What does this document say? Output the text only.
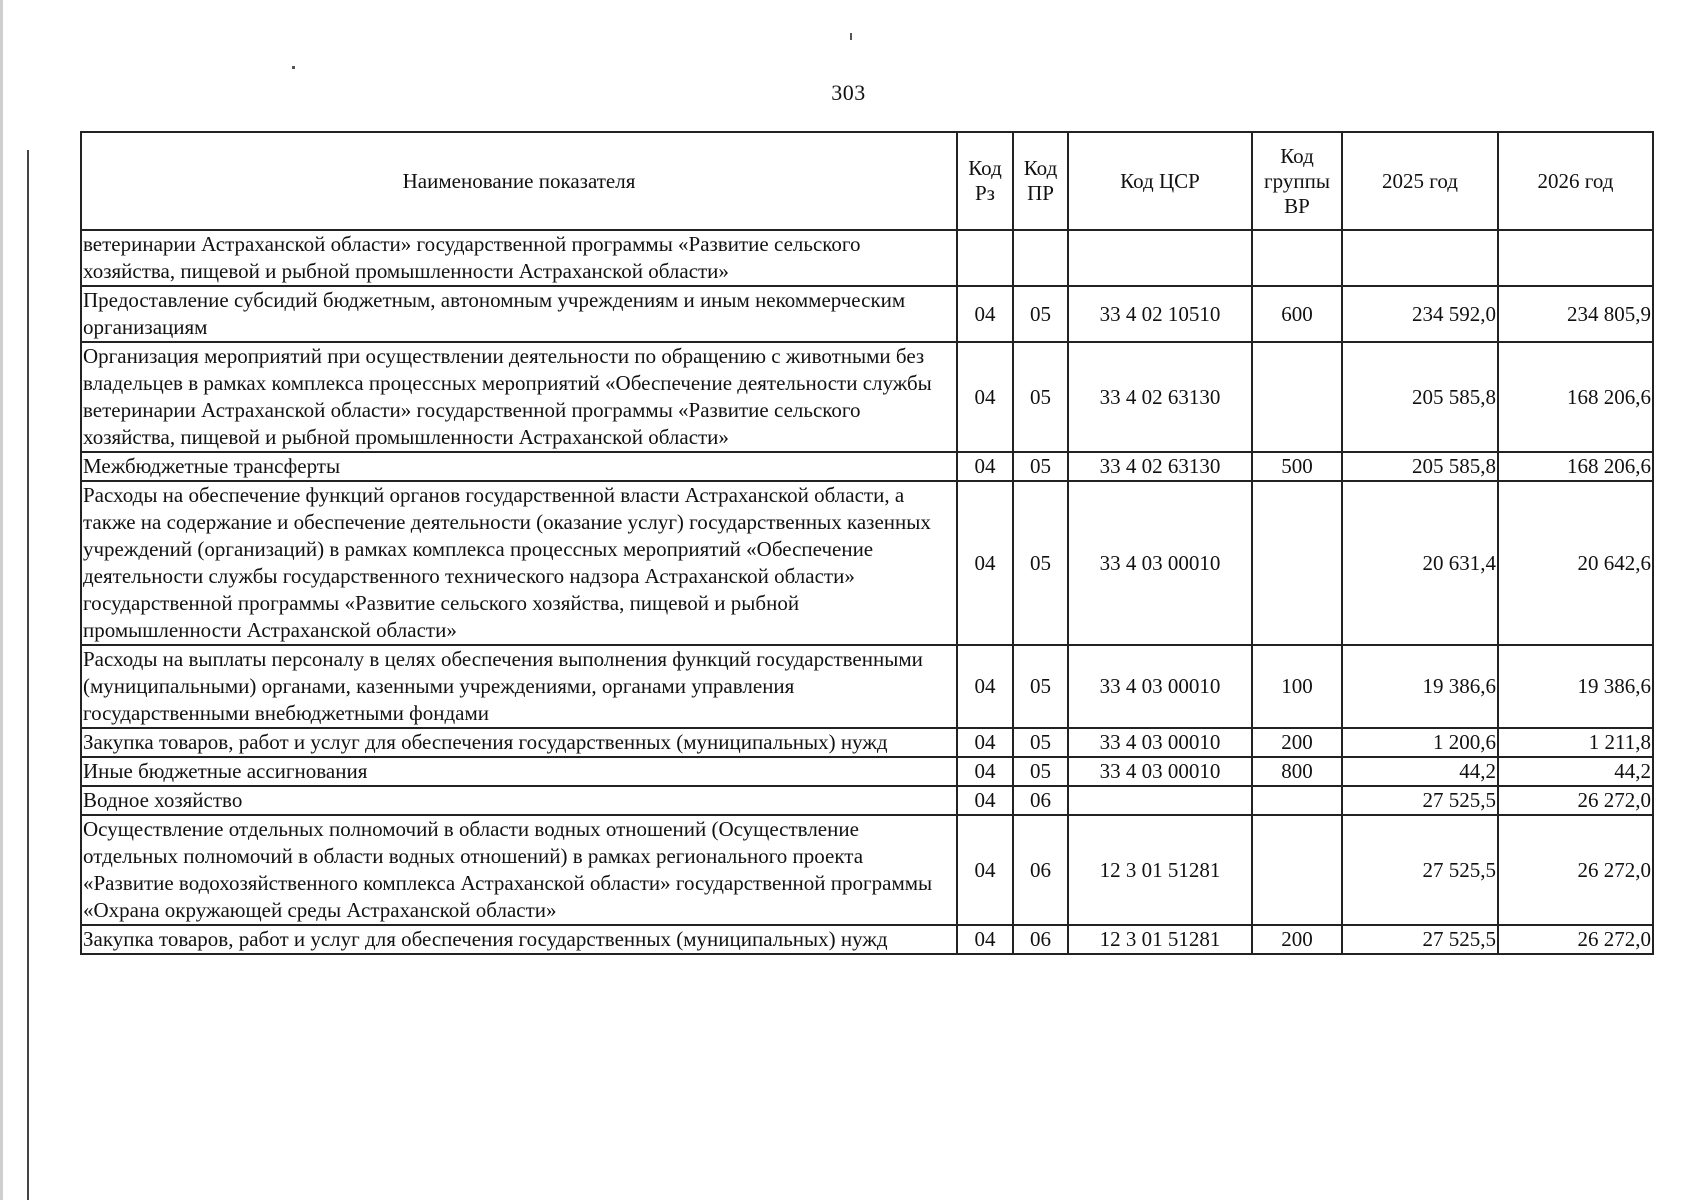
303
Наименование показателя	Код Рз	Код ПР	Код ЦСР	Код группы ВР	2025 год	2026 год
ветеринарии Астраханской области» государственной программы «Развитие сельского хозяйства, пищевой и рыбной промышленности Астраханской области»						
Предоставление субсидий бюджетным, автономным учреждениям и иным некоммерческим организациям	04	05	33 4 02 10510	600	234 592,0	234 805,9
Организация мероприятий при осуществлении деятельности по обращению с животными без владельцев в рамках комплекса процессных мероприятий «Обеспечение деятельности службы ветеринарии Астраханской области» государственной программы «Развитие сельского хозяйства, пищевой и рыбной промышленности Астраханской области»	04	05	33 4 02 63130		205 585,8	168 206,6
Межбюджетные трансферты	04	05	33 4 02 63130	500	205 585,8	168 206,6
Расходы на обеспечение функций органов государственной власти Астраханской области, а также на содержание и обеспечение деятельности (оказание услуг) государственных казенных учреждений (организаций) в рамках комплекса процессных мероприятий «Обеспечение деятельности службы государственного технического надзора Астраханской области» государственной программы «Развитие сельского хозяйства, пищевой и рыбной промышленности Астраханской области»	04	05	33 4 03 00010		20 631,4	20 642,6
Расходы на выплаты персоналу в целях обеспечения выполнения функций государственными (муниципальными) органами, казенными учреждениями, органами управления государственными внебюджетными фондами	04	05	33 4 03 00010	100	19 386,6	19 386,6
Закупка товаров, работ и услуг для обеспечения государственных (муниципальных) нужд	04	05	33 4 03 00010	200	1 200,6	1 211,8
Иные бюджетные ассигнования	04	05	33 4 03 00010	800	44,2	44,2
Водное хозяйство	04	06			27 525,5	26 272,0
Осуществление отдельных полномочий в области водных отношений (Осуществление отдельных полномочий в области водных отношений) в рамках регионального проекта «Развитие водохозяйственного комплекса Астраханской области» государственной программы «Охрана окружающей среды Астраханской области»	04	06	12 3 01 51281		27 525,5	26 272,0
Закупка товаров, работ и услуг для обеспечения государственных (муниципальных) нужд	04	06	12 3 01 51281	200	27 525,5	26 272,0
